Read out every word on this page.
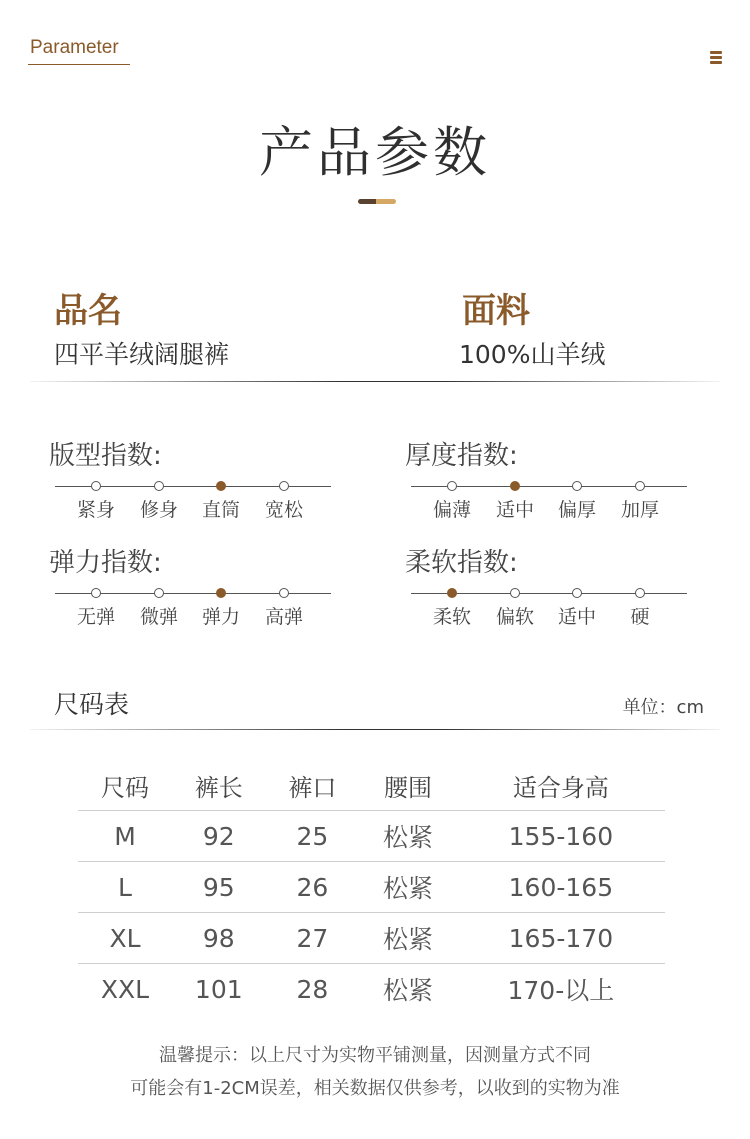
Parameter
产品参数
品名
四平羊绒阔腿裤
面料
100%山羊绒
版型指数:
紧身	修身	直筒	宽松
厚度指数:
偏薄	适中	偏厚	加厚
弹力指数:
无弹	微弹	弹力	高弹
柔软指数:
柔软	偏软	适中	硬
尺码表	单位：cm
尺码	裤长	裤口	腰围	适合身高
M	92	25	松紧	155-160
L	95	26	松紧	160-165
XL	98	27	松紧	165-170
XXL	101	28	松紧	170-以上
温馨提示：以上尺寸为实物平铺测量，因测量方式不同
可能会有1-2CM误差，相关数据仅供参考，以收到的实物为准
